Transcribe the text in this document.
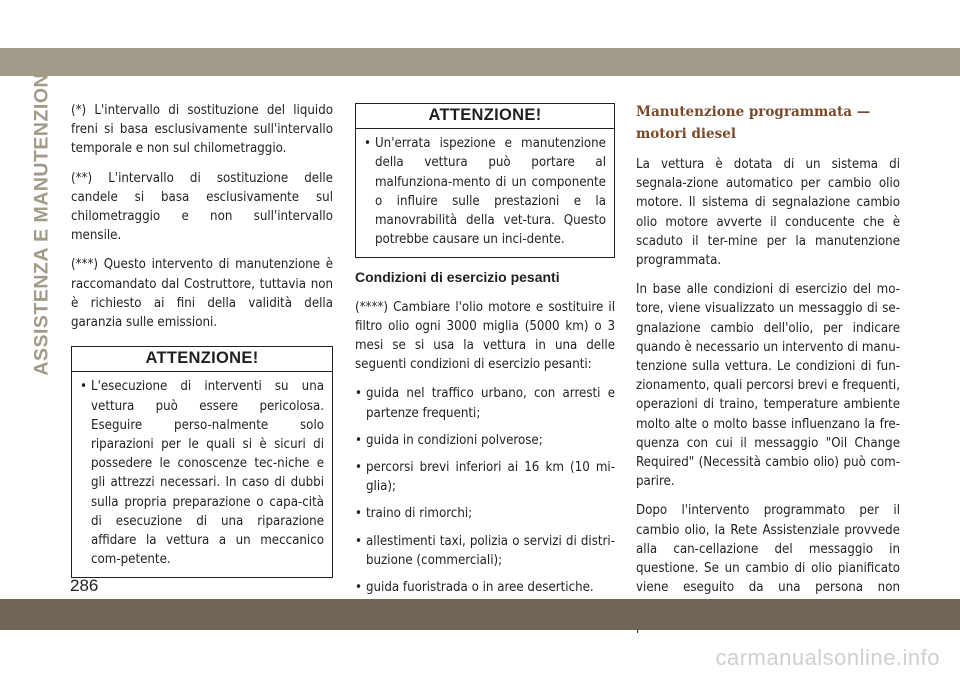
ASSISTENZA E MANUTENZIONE (*) L'intervallo di sostituzione del liquido freni si basa esclusivamente sull'intervallo temporale e non sul chilometraggio.

(**) L'intervallo di sostituzione delle candele si basa esclusivamente sul chilometraggio e non sull'intervallo mensile.

(***) Questo intervento di manutenzione è raccomandato dal Costruttore, tuttavia non è richiesto ai fini della validità della garanzia sulle emissioni.

ATTENZIONE!
• L'esecuzione di interventi su una vettura può essere pericolosa. Eseguire perso-nalmente solo riparazioni per le quali si è sicuri di possedere le conoscenze tec-niche e gli attrezzi necessari. In caso di dubbi sulla propria preparazione o capa-cità di esecuzione di una riparazione affidare la vettura a un meccanico com-petente.
ATTENZIONE!
• Un'errata ispezione e manutenzione della vettura può portare al malfunziona-mento di un componente o influire sulle prestazioni e la manovrabilità della vet-tura. Questo potrebbe causare un inci-dente.
Condizioni di esercizio pesanti

(****) Cambiare l'olio motore e sostituire il filtro olio ogni 3000 miglia (5000 km) o 3 mesi se si usa la vettura in una delle seguenti condizioni di esercizio pesanti:

• guida nel traffico urbano, con arresti e partenze frequenti;
• guida in condizioni polverose;
• percorsi brevi inferiori ai 16 km (10 mi-glia);
• traino di rimorchi;
• allestimenti taxi, polizia o servizi di distri-buzione (commerciali);
• guida fuoristrada o in aree desertiche.
Manutenzione programmata — motori diesel

La vettura è dotata di un sistema di segnala-zione automatico per cambio olio motore. Il sistema di segnalazione cambio olio motore avverte il conducente che è scaduto il ter-mine per la manutenzione programmata.

In base alle condizioni di esercizio del mo-tore, viene visualizzato un messaggio di se-gnalazione cambio dell'olio, per indicare quando è necessario un intervento di manu-tenzione sulla vettura. Le condizioni di fun-zionamento, quali percorsi brevi e frequenti, operazioni di traino, temperature ambiente molto alte o molto basse influenzano la fre-quenza con cui il messaggio "Oil Change Required" (Necessità cambio olio) può com-parire.

Dopo l'intervento programmato per il cambio olio, la Rete Assistenziale provvede alla can-cellazione del messaggio in questione. Se un cambio di olio pianificato viene eseguito da una persona non

286
carmanualsonline.info
